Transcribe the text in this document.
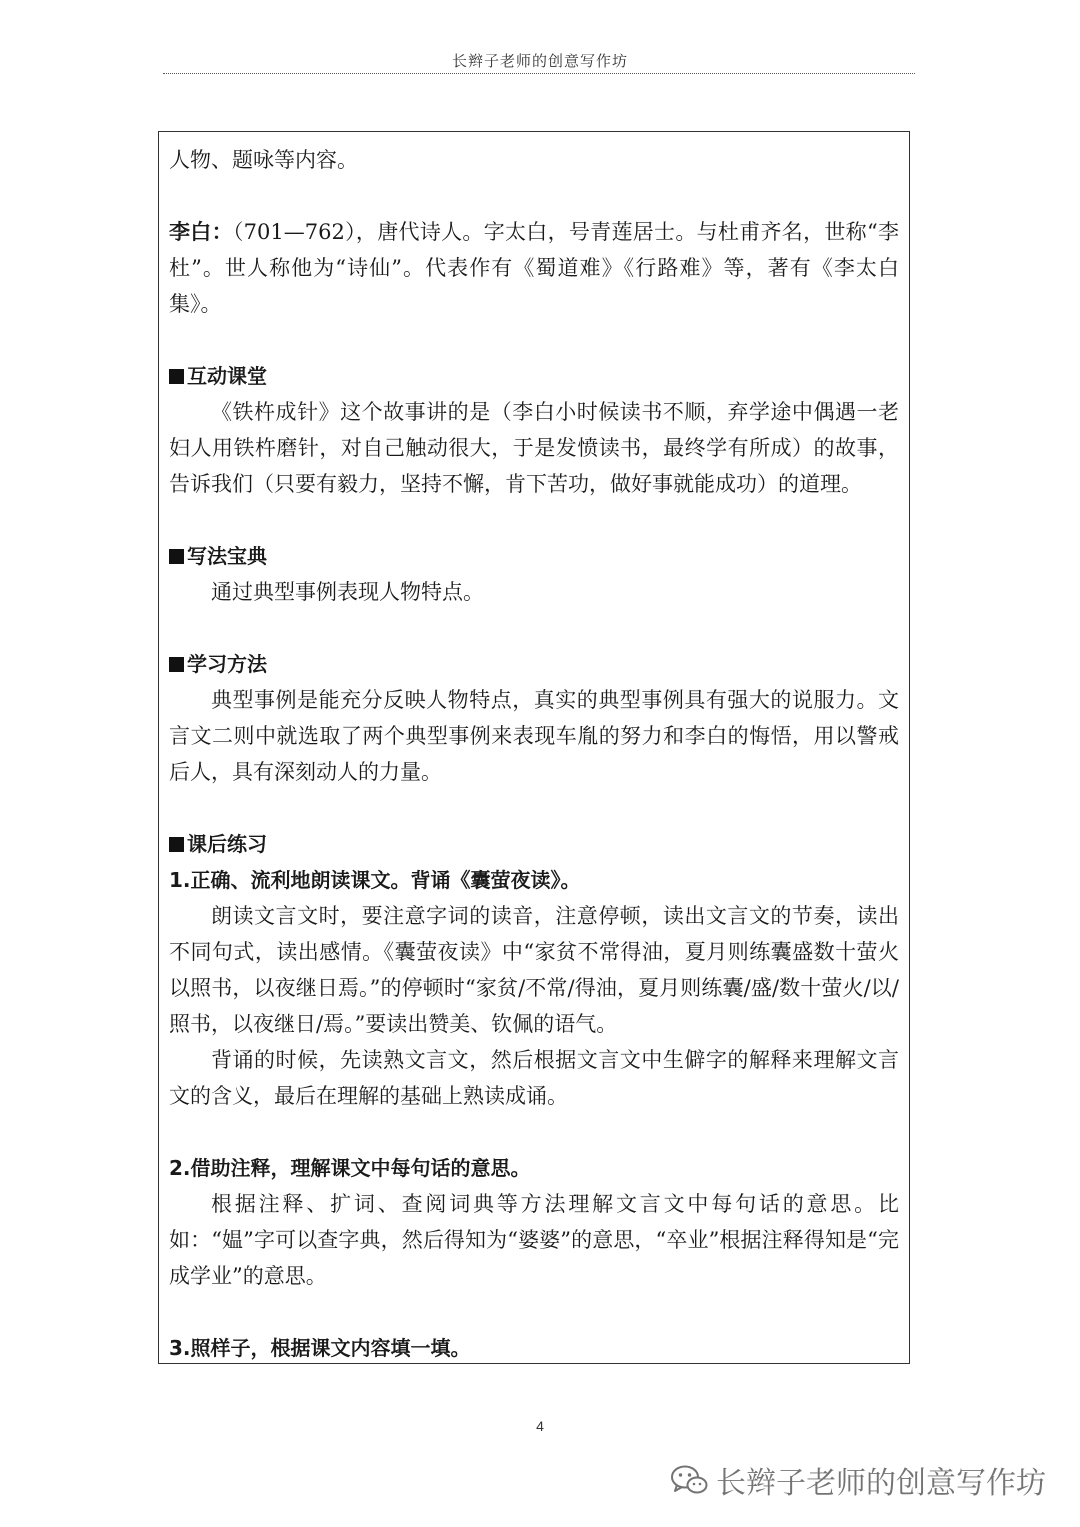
长辫子老师的创意写作坊

人物、题咏等内容。

李白：（701—762），唐代诗人。字太白，号青莲居士。与杜甫齐名，世称“李杜”。世人称他为“诗仙”。代表作有《蜀道难》《行路难》等，著有《李太白集》。

互动课堂

《铁杵成针》这个故事讲的是（李白小时候读书不顺，弃学途中偶遇一老妇人用铁杵磨针，对自己触动很大，于是发愤读书，最终学有所成）的故事，告诉我们（只要有毅力，坚持不懈，肯下苦功，做好事就能成功）的道理。

写法宝典

通过典型事例表现人物特点。

学习方法

典型事例是能充分反映人物特点，真实的典型事例具有强大的说服力。文言文二则中就选取了两个典型事例来表现车胤的努力和李白的悔悟，用以警戒后人，具有深刻动人的力量。

课后练习

1.正确、流利地朗读课文。背诵《囊萤夜读》。

朗读文言文时，要注意字词的读音，注意停顿，读出文言文的节奏，读出不同句式，读出感情。《囊萤夜读》中“家贫不常得油，夏月则练囊盛数十萤火以照书，以夜继日焉。”的停顿时“家贫/不常/得油，夏月则练囊/盛/数十萤火/以/照书，以夜继日/焉。”要读出赞美、钦佩的语气。

背诵的时候，先读熟文言文，然后根据文言文中生僻字的解释来理解文言文的含义，最后在理解的基础上熟读成诵。

2.借助注释，理解课文中每句话的意思。

根据注释、扩词、查阅词典等方法理解文言文中每句话的意思。比如：“媪”字可以查字典，然后得知为“婆婆”的意思，“卒业”根据注释得知是“完成学业”的意思。

3.照样子，根据课文内容填一填。

4
长辫子老师的创意写作坊
